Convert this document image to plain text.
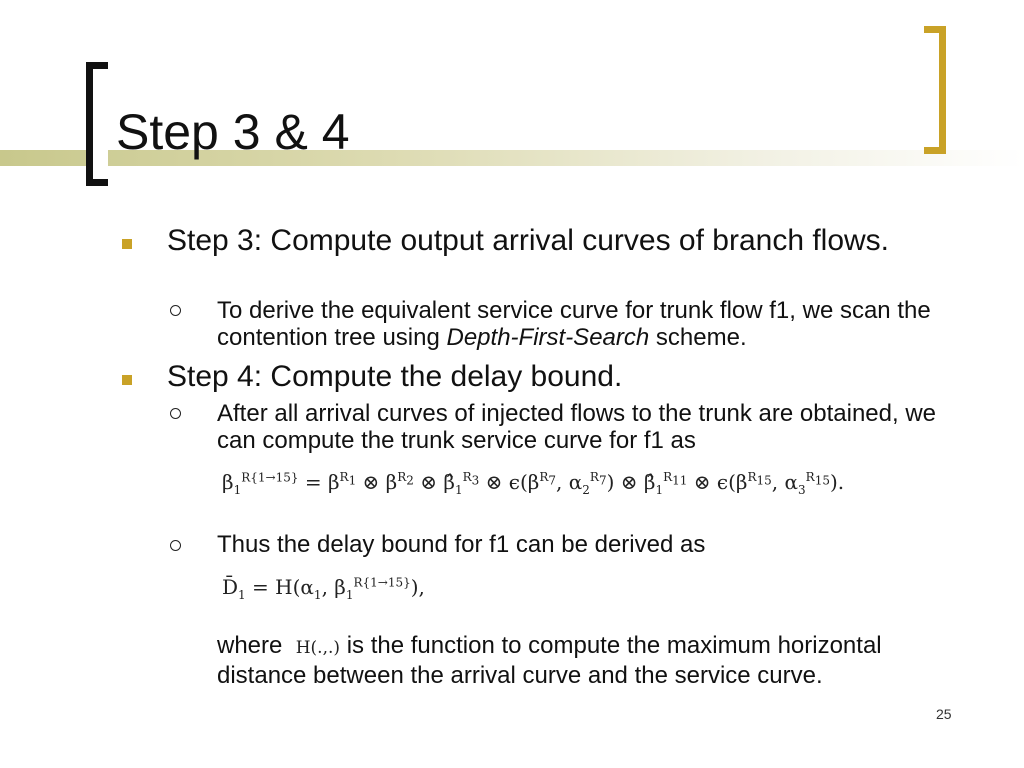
Step 3 & 4

Step 3: Compute output arrival curves of branch flows.

To derive the equivalent service curve for trunk flow f1, we scan the contention tree using Depth-First-Search scheme.

Step 4: Compute the delay bound.

After all arrival curves of injected flows to the trunk are obtained, we can compute the trunk service curve for f1 as

$\beta_1^{R\{1\to 15\}} = \beta^{R_1}$ ⊗ $\beta^{R_2}$ ⊗ $\betâ_1^{R_3}$ ⊗ $\epsilon(\beta^{R_7}$, $\alpha_2^{R_7}$) ⊗ $\betâ_1^{R_{11}}$ ⊗ $\epsilon(\beta^{R_{15}}$, $\alpha_3^{R_{15}}$).

Thus the delay bound for f1 can be derived as

$D̄_1 = H(\alpha_1$, $\beta_1^{R\{1\to 15\}}$),

where H(.,.) is the function to compute the maximum horizontal distance between the arrival curve and the service curve.

25
